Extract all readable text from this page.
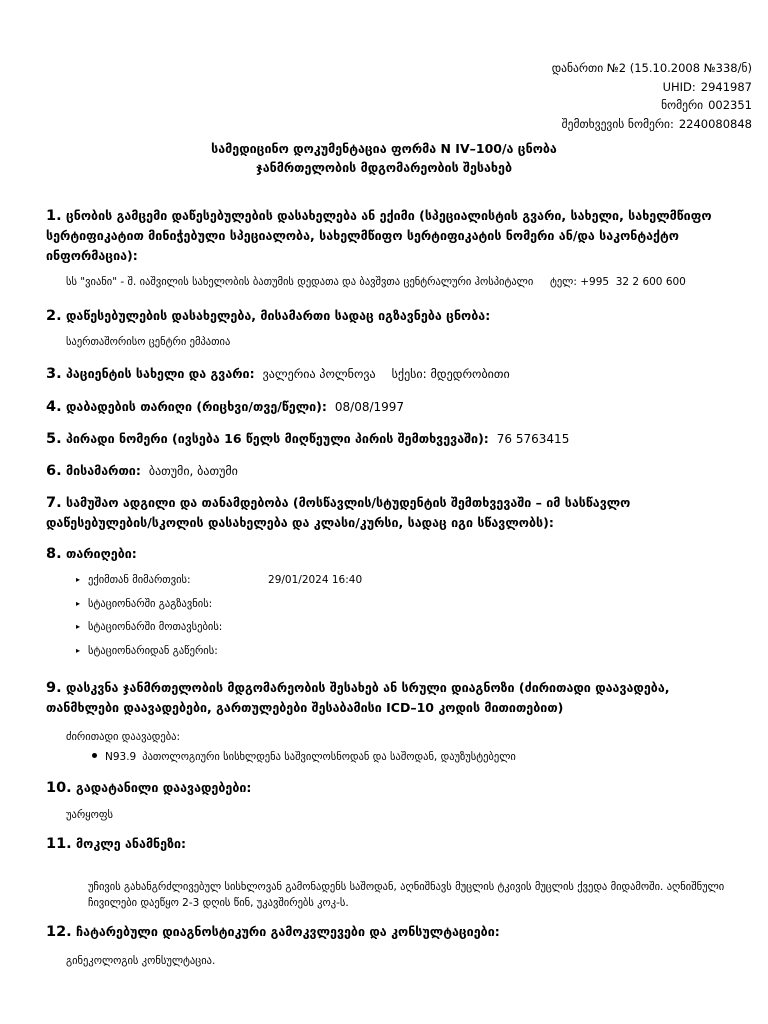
დანართი №2 (15.10.2008 №338/ნ)
UHID: 2941987
ნომერი 002351
შემთხვევის ნომერი: 2240080848
სამედიცინო დოკუმენტაცია ფორმა N IV–100/ა ცნობა
ჯანმრთელობის მდგომარეობის შესახებ
1. ცნობის გამცემი დაწესებულების დასახელება ან ექიმი (სპეციალისტის გვარი, სახელი, სახელმწიფო სერტიფიკატით მინიჭებული სპეციალობა, სახელმწიფო სერტიფიკატის ნომერი ან/და საკონტაქტო ინფორმაცია):
სს "ვიანი" - შ. იაშვილის სახელობის ბათუმის დედათა და ბავშვთა ცენტრალური ჰოსპიტალი     ტელ: +995  32 2 600 600
2. დაწესებულების დასახელება, მისამართი სადაც იგზავნება ცნობა:
საერთაშორისო ცენტრი ემპათია
3. პაციენტის სახელი და გვარი: ვალერია პოლნოვა სქესი: მდედრობითი
4. დაბადების თარიღი (რიცხვი/თვე/წელი): 08/08/1997
5. პირადი ნომერი (ივსება 16 წელს მიღწეული პირის შემთხვევაში): 76 5763415
6. მისამართი: ბათუმი, ბათუმი
7. სამუშაო ადგილი და თანამდებობა (მოსწავლის/სტუდენტის შემთხვევაში – იმ სასწავლო დაწესებულების/სკოლის დასახელება და კლასი/კურსი, სადაც იგი სწავლობს):
8. თარიღები:
▸ ექიმთან მიმართვის:	29/01/2024 16:40
▸ სტაციონარში გაგზავნის:
▸ სტაციონარში მოთავსების:
▸ სტაციონარიდან გაწერის:
9. დასკვნა ჯანმრთელობის მდგომარეობის შესახებ ან სრული დიაგნოზი (ძირითადი დაავადება, თანმხლები დაავადებები, გართულებები შესაბამისი ICD–10 კოდის მითითებით)
ძირითადი დაავადება:
N93.9 პათოლოგიური სისხლდენა საშვილოსნოდან და საშოდან, დაუზუსტებელი
10. გადატანილი დაავადებები:
უარყოფს
11. მოკლე ანამნეზი:
უჩივის გახანგრძლივებულ სისხლოვან გამონადენს საშოდან, აღნიშნავს მუცლის ტკივის მუცლის ქვედა მიდამოში. აღნიშნული ჩივილები დაეწყო 2-3 დღის წინ, უკავშირებს კოკ-ს.
12. ჩატარებული დიაგნოსტიკური გამოკვლევები და კონსულტაციები:
გინეკოლოგის კონსულტაცია.
